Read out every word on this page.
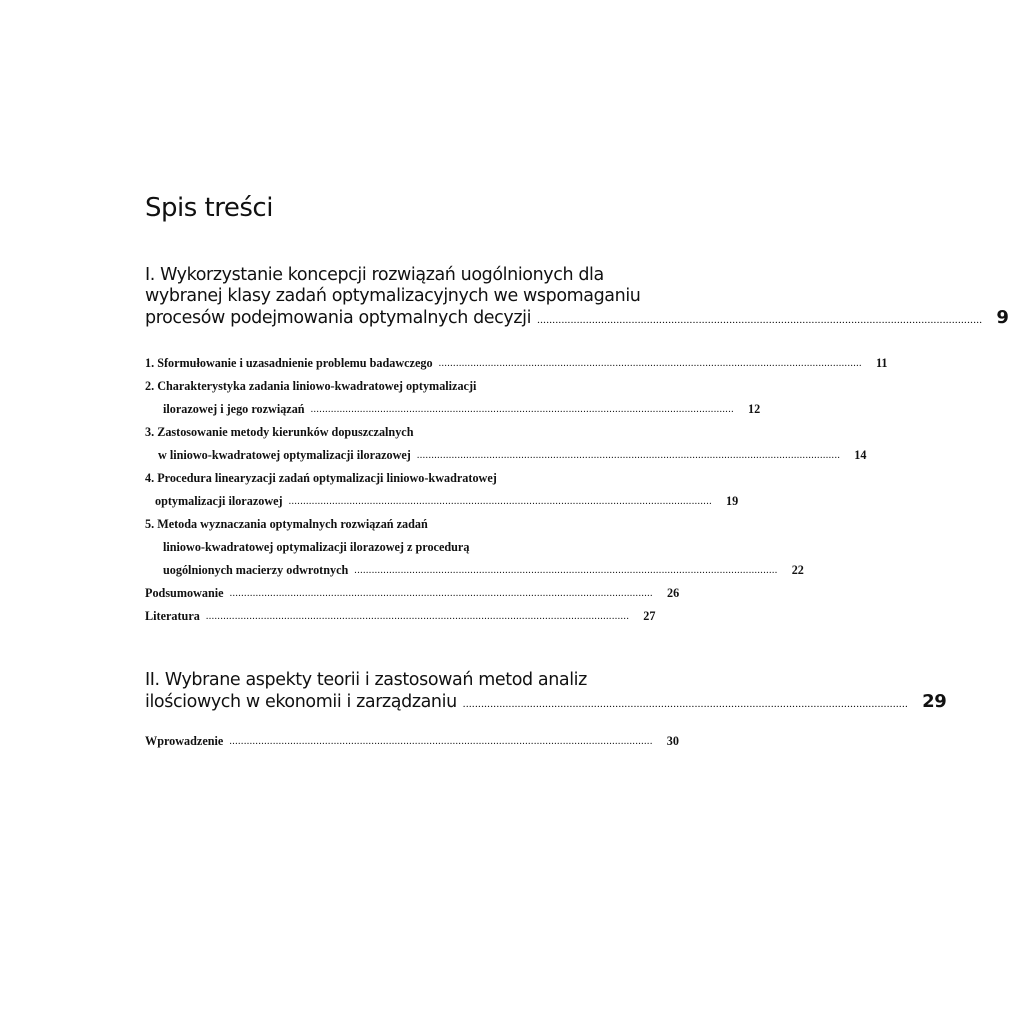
Spis treści
I. Wykorzystanie koncepcji rozwiązań uogólnionych dla
wybranej klasy zadań optymalizacyjnych we wspomaganiu
procesów podejmowania optymalnych decyzji .................................................................................................................................................. 9
1. Sformułowanie i uzasadnienie problemu badawczego .................................................................................................................................................. 11
2. Charakterystyka zadania liniowo-kwadratowej optymalizacji
ilorazowej i jego rozwiązań .................................................................................................................................................. 12
3. Zastosowanie metody kierunków dopuszczalnych
w liniowo-kwadratowej optymalizacji ilorazowej .................................................................................................................................................. 14
4. Procedura linearyzacji zadań optymalizacji liniowo-kwadratowej
optymalizacji ilorazowej .................................................................................................................................................. 19
5. Metoda wyznaczania optymalnych rozwiązań zadań
liniowo-kwadratowej optymalizacji ilorazowej z procedurą
uogólnionych macierzy odwrotnych .................................................................................................................................................. 22
Podsumowanie .................................................................................................................................................. 26
Literatura .................................................................................................................................................. 27
II. Wybrane aspekty teorii i zastosowań metod analiz
ilościowych w ekonomii i zarządzaniu .................................................................................................................................................. 29
Wprowadzenie .................................................................................................................................................. 30
